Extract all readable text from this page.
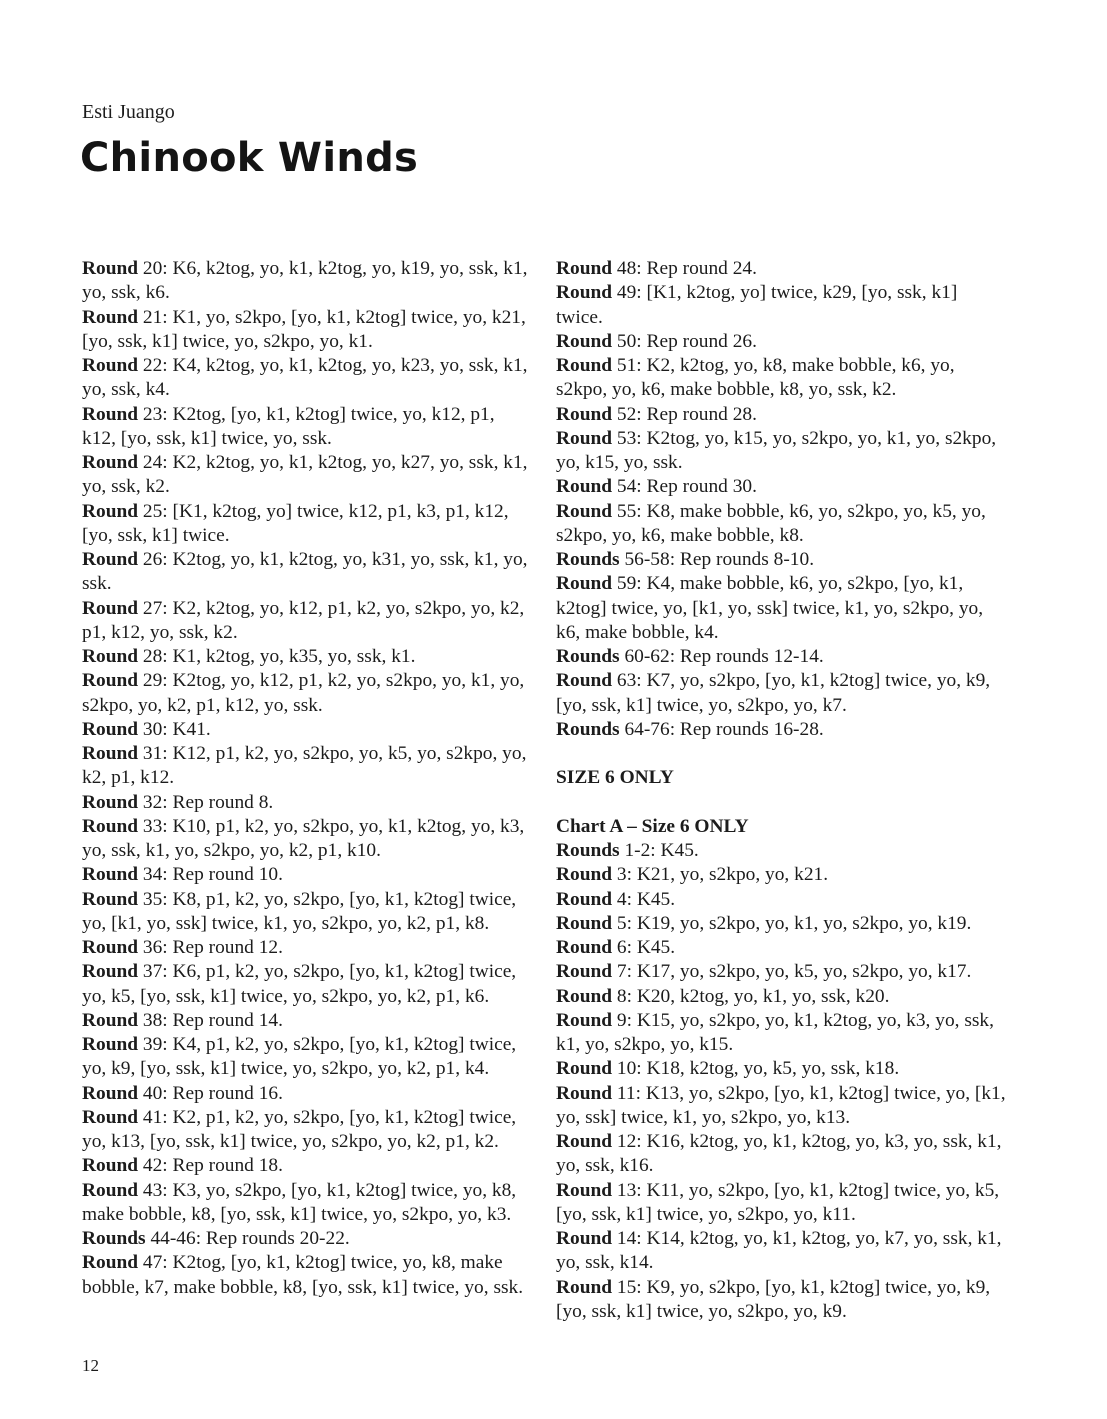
Esti Juango
Chinook Winds

Round 20: K6, k2tog, yo, k1, k2tog, yo, k19, yo, ssk, k1, yo, ssk, k6.

Round 21: K1, yo, s2kpo, [yo, k1, k2tog] twice, yo, k21, [yo, ssk, k1] twice, yo, s2kpo, yo, k1.

Round 22: K4, k2tog, yo, k1, k2tog, yo, k23, yo, ssk, k1, yo, ssk, k4.

Round 23: K2tog, [yo, k1, k2tog] twice, yo, k12, p1, k12, [yo, ssk, k1] twice, yo, ssk.

Round 24: K2, k2tog, yo, k1, k2tog, yo, k27, yo, ssk, k1, yo, ssk, k2.

Round 25: [K1, k2tog, yo] twice, k12, p1, k3, p1, k12, [yo, ssk, k1] twice.

Round 26: K2tog, yo, k1, k2tog, yo, k31, yo, ssk, k1, yo, ssk.

Round 27: K2, k2tog, yo, k12, p1, k2, yo, s2kpo, yo, k2, p1, k12, yo, ssk, k2.

Round 28: K1, k2tog, yo, k35, yo, ssk, k1.

Round 29: K2tog, yo, k12, p1, k2, yo, s2kpo, yo, k1, yo, s2kpo, yo, k2, p1, k12, yo, ssk.

Round 30: K41.

Round 31: K12, p1, k2, yo, s2kpo, yo, k5, yo, s2kpo, yo, k2, p1, k12.

Round 32: Rep round 8.

Round 33: K10, p1, k2, yo, s2kpo, yo, k1, k2tog, yo, k3, yo, ssk, k1, yo, s2kpo, yo, k2, p1, k10.

Round 34: Rep round 10.

Round 35: K8, p1, k2, yo, s2kpo, [yo, k1, k2tog] twice, yo, [k1, yo, ssk] twice, k1, yo, s2kpo, yo, k2, p1, k8.

Round 36: Rep round 12.

Round 37: K6, p1, k2, yo, s2kpo, [yo, k1, k2tog] twice, yo, k5, [yo, ssk, k1] twice, yo, s2kpo, yo, k2, p1, k6.

Round 38: Rep round 14.

Round 39: K4, p1, k2, yo, s2kpo, [yo, k1, k2tog] twice, yo, k9, [yo, ssk, k1] twice, yo, s2kpo, yo, k2, p1, k4.

Round 40: Rep round 16.

Round 41: K2, p1, k2, yo, s2kpo, [yo, k1, k2tog] twice, yo, k13, [yo, ssk, k1] twice, yo, s2kpo, yo, k2, p1, k2.

Round 42: Rep round 18.

Round 43: K3, yo, s2kpo, [yo, k1, k2tog] twice, yo, k8, make bobble, k8, [yo, ssk, k1] twice, yo, s2kpo, yo, k3.

Rounds 44-46: Rep rounds 20-22.

Round 47: K2tog, [yo, k1, k2tog] twice, yo, k8, make bobble, k7, make bobble, k8, [yo, ssk, k1] twice, yo, ssk.

Round 48: Rep round 24.

Round 49: [K1, k2tog, yo] twice, k29, [yo, ssk, k1] twice.

Round 50: Rep round 26.

Round 51: K2, k2tog, yo, k8, make bobble, k6, yo, s2kpo, yo, k6, make bobble, k8, yo, ssk, k2.

Round 52: Rep round 28.

Round 53: K2tog, yo, k15, yo, s2kpo, yo, k1, yo, s2kpo, yo, k15, yo, ssk.

Round 54: Rep round 30.

Round 55: K8, make bobble, k6, yo, s2kpo, yo, k5, yo, s2kpo, yo, k6, make bobble, k8.

Rounds 56-58: Rep rounds 8-10.

Round 59: K4, make bobble, k6, yo, s2kpo, [yo, k1, k2tog] twice, yo, [k1, yo, ssk] twice, k1, yo, s2kpo, yo, k6, make bobble, k4.

Rounds 60-62: Rep rounds 12-14.

Round 63: K7, yo, s2kpo, [yo, k1, k2tog] twice, yo, k9, [yo, ssk, k1] twice, yo, s2kpo, yo, k7.

Rounds 64-76: Rep rounds 16-28.

SIZE 6 ONLY

Chart A – Size 6 ONLY

Rounds 1-2: K45.

Round 3: K21, yo, s2kpo, yo, k21.

Round 4: K45.

Round 5: K19, yo, s2kpo, yo, k1, yo, s2kpo, yo, k19.

Round 6: K45.

Round 7: K17, yo, s2kpo, yo, k5, yo, s2kpo, yo, k17.

Round 8: K20, k2tog, yo, k1, yo, ssk, k20.

Round 9: K15, yo, s2kpo, yo, k1, k2tog, yo, k3, yo, ssk, k1, yo, s2kpo, yo, k15.

Round 10: K18, k2tog, yo, k5, yo, ssk, k18.

Round 11: K13, yo, s2kpo, [yo, k1, k2tog] twice, yo, [k1, yo, ssk] twice, k1, yo, s2kpo, yo, k13.

Round 12: K16, k2tog, yo, k1, k2tog, yo, k3, yo, ssk, k1, yo, ssk, k16.

Round 13: K11, yo, s2kpo, [yo, k1, k2tog] twice, yo, k5, [yo, ssk, k1] twice, yo, s2kpo, yo, k11.

Round 14: K14, k2tog, yo, k1, k2tog, yo, k7, yo, ssk, k1, yo, ssk, k14.

Round 15: K9, yo, s2kpo, [yo, k1, k2tog] twice, yo, k9, [yo, ssk, k1] twice, yo, s2kpo, yo, k9.

12
